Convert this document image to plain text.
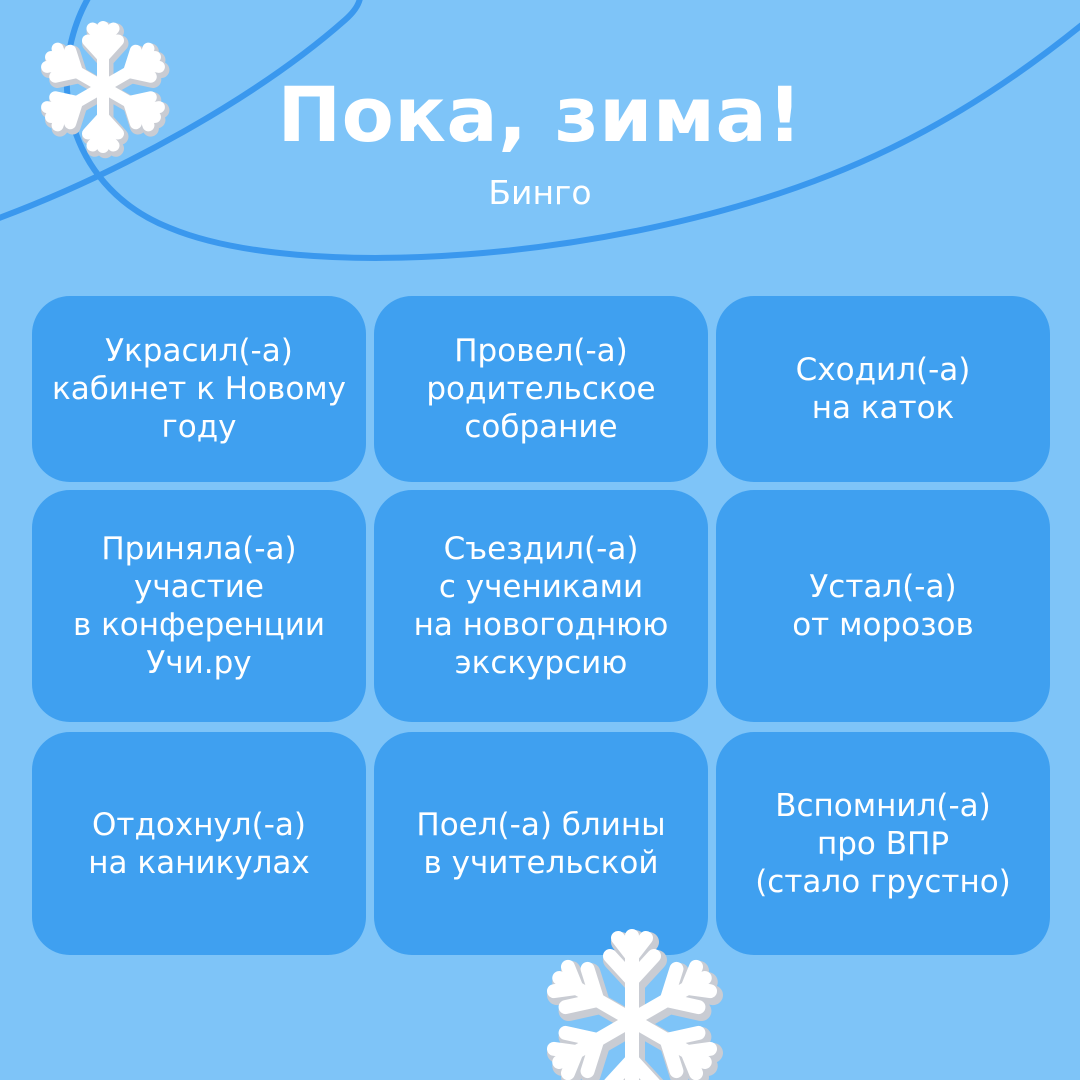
Пока, зима!
Бинго
Украсил(-а)
кабинет к Новому
году
Провел(-а)
родительское
собрание
Сходил(-а)
на каток
Приняла(-а)
участие
в конференции
Учи.ру
Съездил(-а)
с учениками
на новогоднюю
экскурсию
Устал(-а)
от морозов
Отдохнул(-а)
на каникулах
Поел(-а) блины
в учительской
Вспомнил(-а)
про ВПР
(стало грустно)
